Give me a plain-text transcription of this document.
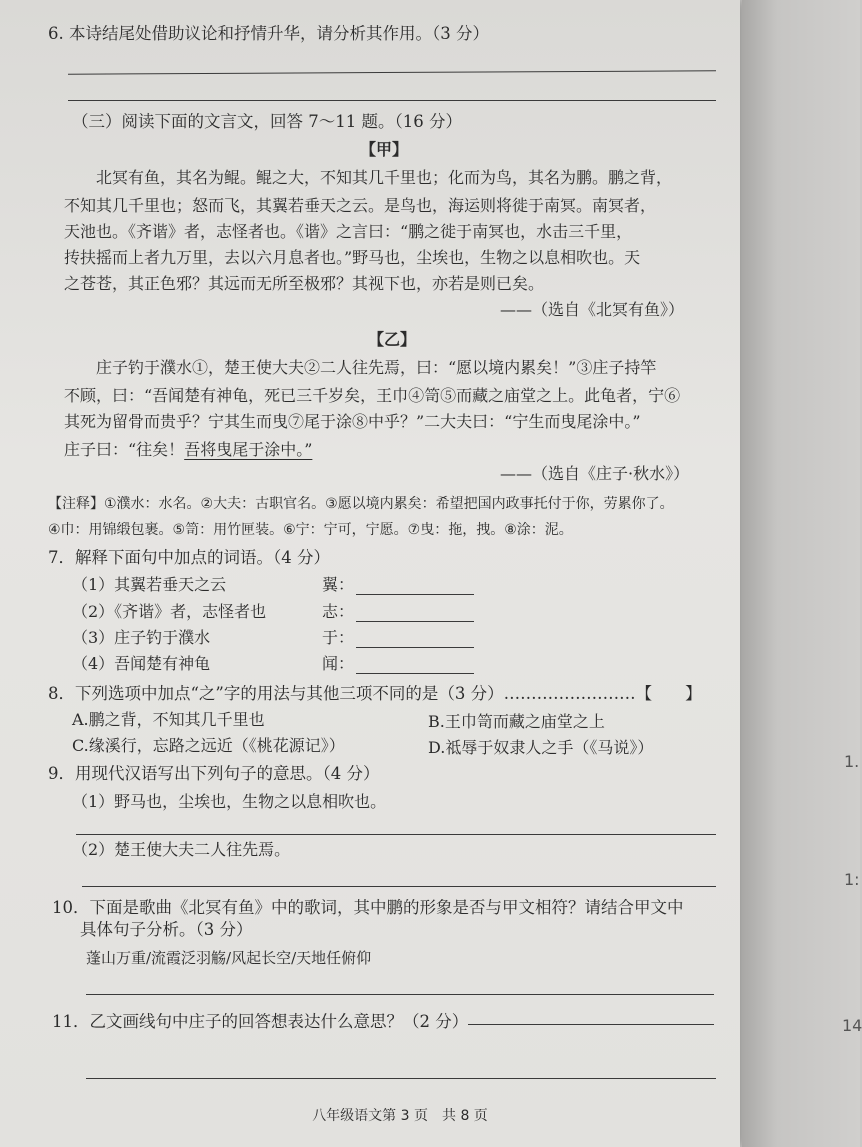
6. 本诗结尾处借助议论和抒情升华，请分析其作用。（3 分）
（三）阅读下面的文言文，回答 7～11 题。（16 分）
【甲】
北冥有鱼，其名为鲲。鲲之大，不知其几千里也；化而为鸟，其名为鹏。鹏之背，
不知其几千里也；怒而飞，其翼若垂天之云。是鸟也，海运则将徙于南冥。南冥者，
天池也。《齐谐》者，志怪者也。《谐》之言曰：“鹏之徙于南冥也，水击三千里，
抟扶摇而上者九万里，去以六月息者也。”野马也，尘埃也，生物之以息相吹也。天
之苍苍，其正色邪？其远而无所至极邪？其视下也，亦若是则已矣。
——（选自《北冥有鱼》）
【乙】
庄子钓于濮水①，楚王使大夫②二人往先焉，曰：“愿以境内累矣！”③庄子持竿
不顾，曰：“吾闻楚有神龟，死已三千岁矣，王巾④笥⑤而藏之庙堂之上。此龟者，宁⑥
其死为留骨而贵乎？宁其生而曳⑦尾于涂⑧中乎？”二大夫曰：“宁生而曳尾涂中。”
庄子曰：“往矣！吾将曳尾于涂中。”
——（选自《庄子·秋水》）
【注释】①濮水：水名。②大夫：古职官名。③愿以境内累矣：希望把国内政事托付于你，劳累你了。
④巾：用锦缎包裹。⑤笥：用竹匣装。⑥宁：宁可，宁愿。⑦曳：拖，拽。⑧涂：泥。
7．解释下面句中加点的词语。（4 分）
（1）其翼若垂天之云	翼：
（2）《齐谐》者，志怪者也	志：
（3）庄子钓于濮水	于：
（4）吾闻楚有神龟	闻：
8．下列选项中加点“之”字的用法与其他三项不同的是（3 分）……………………【　　】
A.鹏之背，不知其几千里也	B.王巾笥而藏之庙堂之上
C.缘溪行，忘路之远近（《桃花源记》）	D.祗辱于奴隶人之手（《马说》）
9．用现代汉语写出下列句子的意思。（4 分）
（1）野马也，尘埃也，生物之以息相吹也。
（2）楚王使大夫二人往先焉。
10．下面是歌曲《北冥有鱼》中的歌词，其中鹏的形象是否与甲文相符？请结合甲文中
具体句子分析。（3 分）
蓬山万重/流霞泛羽觞/风起长空/天地任俯仰
11．乙文画线句中庄子的回答想表达什么意思？（2 分）
八年级语文第 3 页　共 8 页
1.
1:
14
